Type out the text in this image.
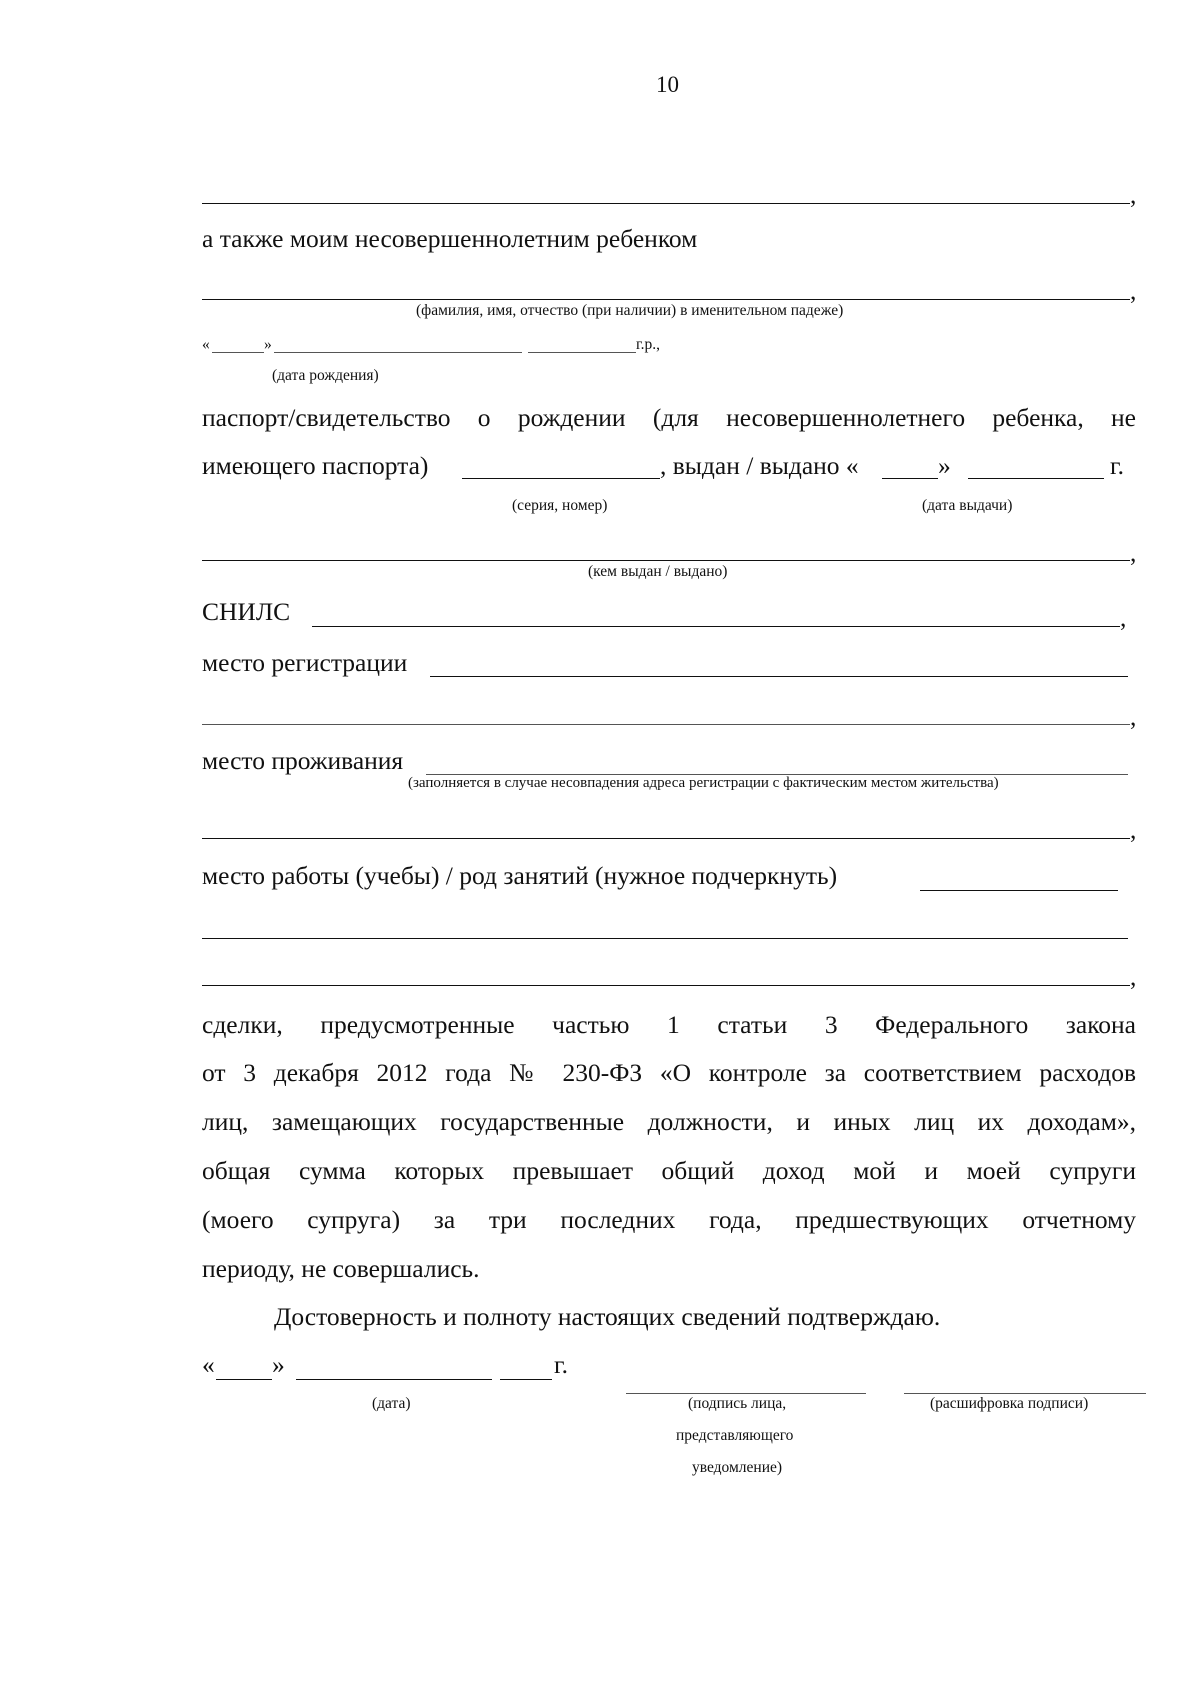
10
,
а также моим несовершеннолетним ребенком
,
(фамилия, имя, отчество (при наличии) в именительном падеже)
«	»	г.р.,
(дата рождения)
паспорт/свидетельство о рождении (для несовершеннолетнего ребенка, не
имеющего паспорта)	, выдан / выдано «	»	г.
(серия, номер)	(дата выдачи)
,
(кем выдан / выдано)
СНИЛС	,
место регистрации
,
место проживания
(заполняется в случае несовпадения адреса регистрации с фактическим местом жительства)
,
место работы (учебы) / род занятий (нужное подчеркнуть)
,
сделки, предусмотренные частью 1 статьи 3 Федерального закона
от 3 декабря 2012 года № 230-ФЗ «О контроле за соответствием расходов
лиц, замещающих государственные должности, и иных лиц их доходам»,
общая сумма которых превышает общий доход мой и моей супруги
(моего супруга) за три последних года, предшествующих отчетному
периоду, не совершались.
Достоверность и полноту настоящих сведений подтверждаю.
« »	г.
(дата)	(подпись лица,
представляющего
уведомление)
(расшифровка подписи)
